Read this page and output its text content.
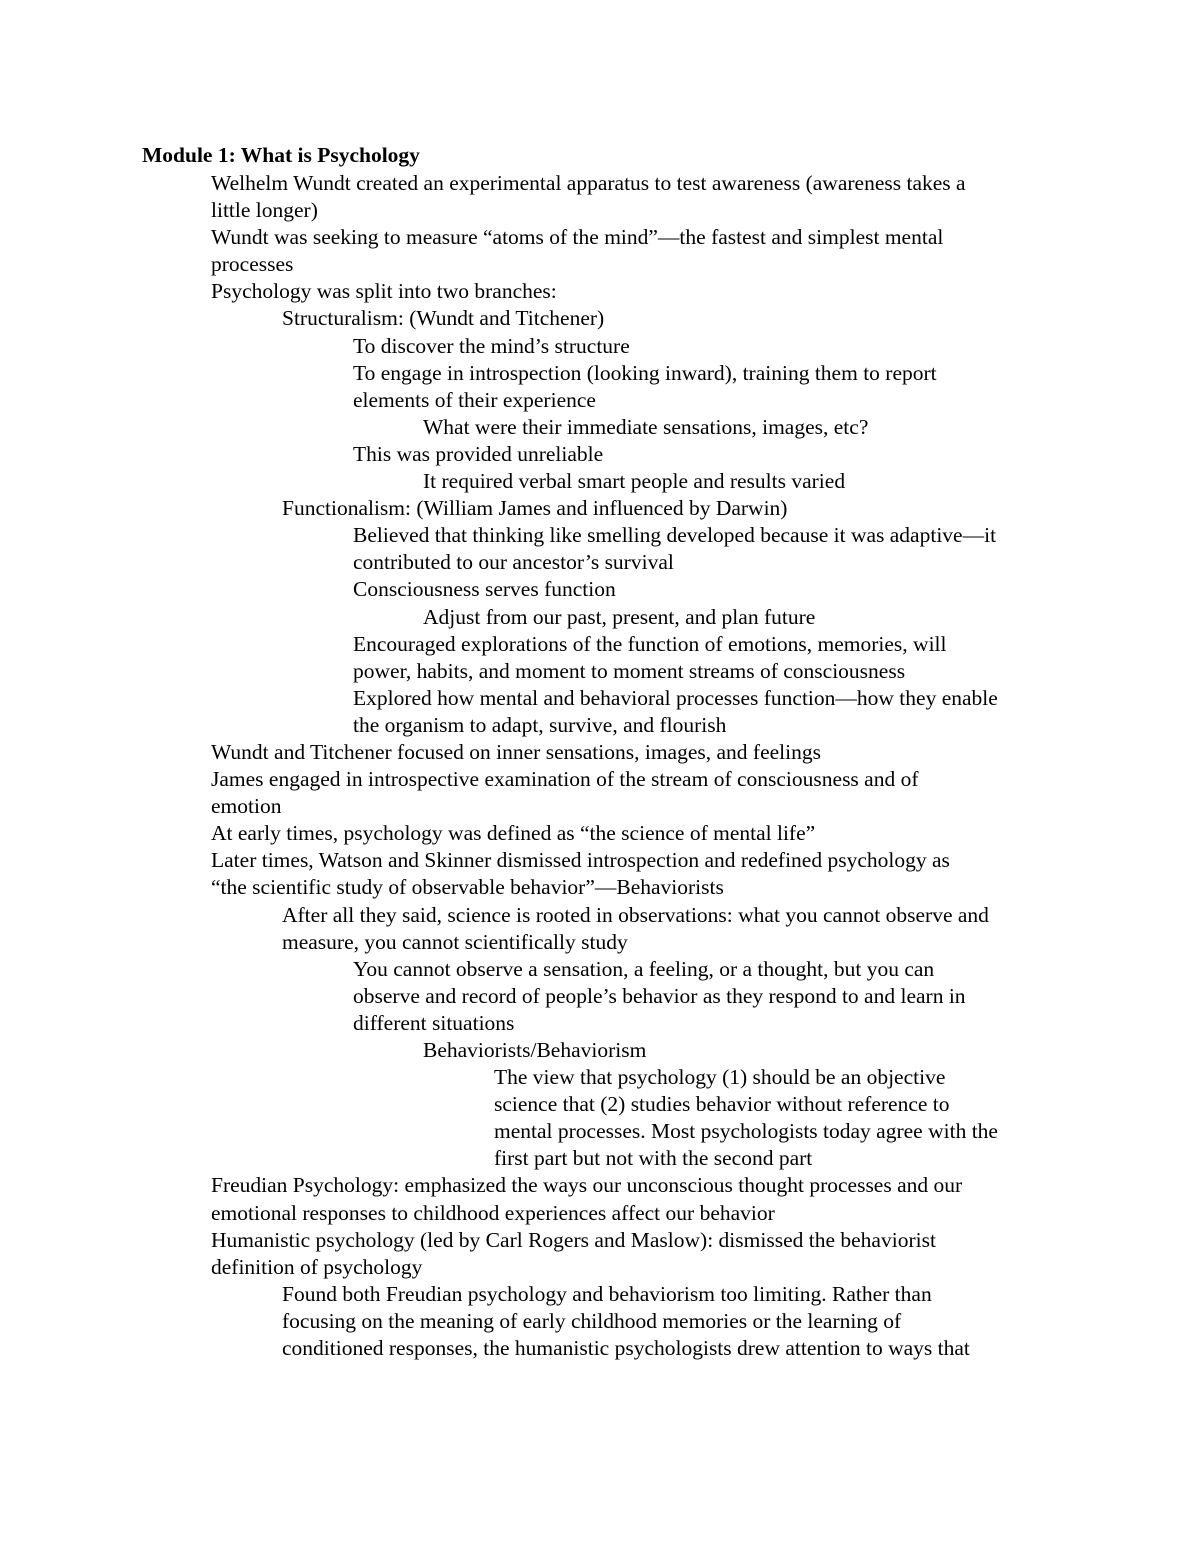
Module 1: What is Psychology
Welhelm Wundt created an experimental apparatus to test awareness (awareness takes a
little longer)
Wundt was seeking to measure “atoms of the mind”—the fastest and simplest mental
processes
Psychology was split into two branches:
Structuralism: (Wundt and Titchener)
To discover the mind’s structure
To engage in introspection (looking inward), training them to report
elements of their experience
What were their immediate sensations, images, etc?
This was provided unreliable
It required verbal smart people and results varied
Functionalism: (William James and influenced by Darwin)
Believed that thinking like smelling developed because it was adaptive—it
contributed to our ancestor’s survival
Consciousness serves function
Adjust from our past, present, and plan future
Encouraged explorations of the function of emotions, memories, will
power, habits, and moment to moment streams of consciousness
Explored how mental and behavioral processes function—how they enable
the organism to adapt, survive, and flourish
Wundt and Titchener focused on inner sensations, images, and feelings
James engaged in introspective examination of the stream of consciousness and of
emotion
At early times, psychology was defined as “the science of mental life”
Later times, Watson and Skinner dismissed introspection and redefined psychology as
“the scientific study of observable behavior”—Behaviorists
After all they said, science is rooted in observations: what you cannot observe and
measure, you cannot scientifically study
You cannot observe a sensation, a feeling, or a thought, but you can
observe and record of people’s behavior as they respond to and learn in
different situations
Behaviorists/Behaviorism
The view that psychology (1) should be an objective
science that (2) studies behavior without reference to
mental processes. Most psychologists today agree with the
first part but not with the second part
Freudian Psychology: emphasized the ways our unconscious thought processes and our
emotional responses to childhood experiences affect our behavior
Humanistic psychology (led by Carl Rogers and Maslow): dismissed the behaviorist
definition of psychology
Found both Freudian psychology and behaviorism too limiting. Rather than
focusing on the meaning of early childhood memories or the learning of
conditioned responses, the humanistic psychologists drew attention to ways that
